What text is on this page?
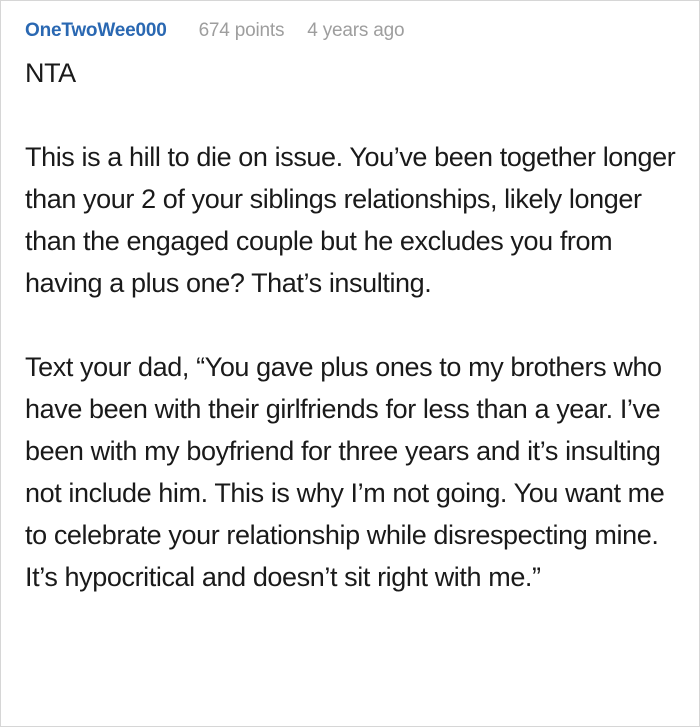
OneTwoWee000 674 points 4 years ago

NTA

This is a hill to die on issue. You’ve been together longer than your 2 of your siblings relationships, likely longer than the engaged couple but he excludes you from having a plus one? That’s insulting.

Text your dad, “You gave plus ones to my brothers who have been with their girlfriends for less than a year. I’ve been with my boyfriend for three years and it’s insulting not include him. This is why I’m not going. You want me to celebrate your relationship while disrespecting mine. It’s hypocritical and doesn’t sit right with me.”
